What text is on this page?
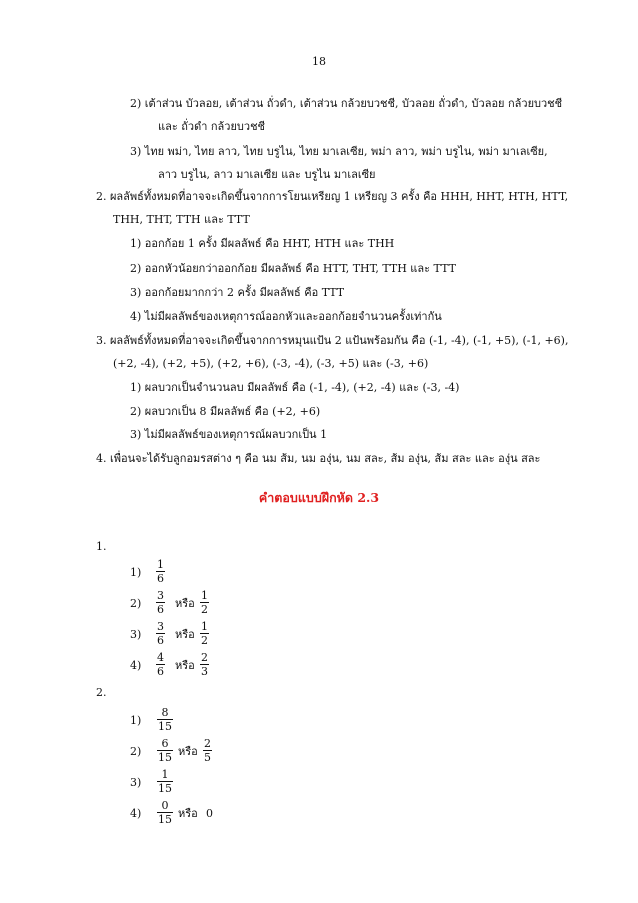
18
2) เต้าส่วน บัวลอย, เต้าส่วน ถั่วดำ, เต้าส่วน กล้วยบวชชี, บัวลอย ถั่วดำ, บัวลอย กล้วยบวชชี
และ ถั่วดำ กล้วยบวชชี
3) ไทย พม่า, ไทย ลาว, ไทย บรูไน, ไทย มาเลเซีย, พม่า ลาว, พม่า บรูไน, พม่า มาเลเซีย,
ลาว บรูไน, ลาว มาเลเซีย และ บรูไน มาเลเซีย
2. ผลลัพธ์ทั้งหมดที่อาจจะเกิดขึ้นจากการโยนเหรียญ 1 เหรียญ 3 ครั้ง คือ HHH, HHT, HTH, HTT,
THH, THT, TTH และ TTT
1) ออกก้อย 1 ครั้ง มีผลลัพธ์ คือ HHT, HTH และ THH
2) ออกหัวน้อยกว่าออกก้อย มีผลลัพธ์ คือ HTT, THT, TTH และ TTT
3) ออกก้อยมากกว่า 2 ครั้ง มีผลลัพธ์ คือ TTT
4) ไม่มีผลลัพธ์ของเหตุการณ์ออกหัวและออกก้อยจำนวนครั้งเท่ากัน
3. ผลลัพธ์ทั้งหมดที่อาจจะเกิดขึ้นจากการหมุนแป้น 2 แป้นพร้อมกัน คือ (-1, -4), (-1, +5), (-1, +6),
(+2, -4), (+2, +5), (+2, +6), (-3, -4), (-3, +5) และ (-3, +6)
1) ผลบวกเป็นจำนวนลบ มีผลลัพธ์ คือ (-1, -4), (+2, -4) และ (-3, -4)
2) ผลบวกเป็น 8 มีผลลัพธ์ คือ (+2, +6)
3) ไม่มีผลลัพธ์ของเหตุการณ์ผลบวกเป็น 1
4. เพื่อนจะได้รับลูกอมรสต่าง ๆ คือ นม ส้ม, นม องุ่น, นม สละ, ส้ม องุ่น, ส้ม สละ และ องุ่น สละ
คำตอบแบบฝึกหัด 2.3
1.
1)
1
6
2)
3
6 หรือ
1
2
3)
3
6 หรือ
1
2
4)
4
6 หรือ
2
3
2.
1)
8
15
2)
6
15 หรือ
2
5
3)
1
15
4)
0
15 หรือ 0
